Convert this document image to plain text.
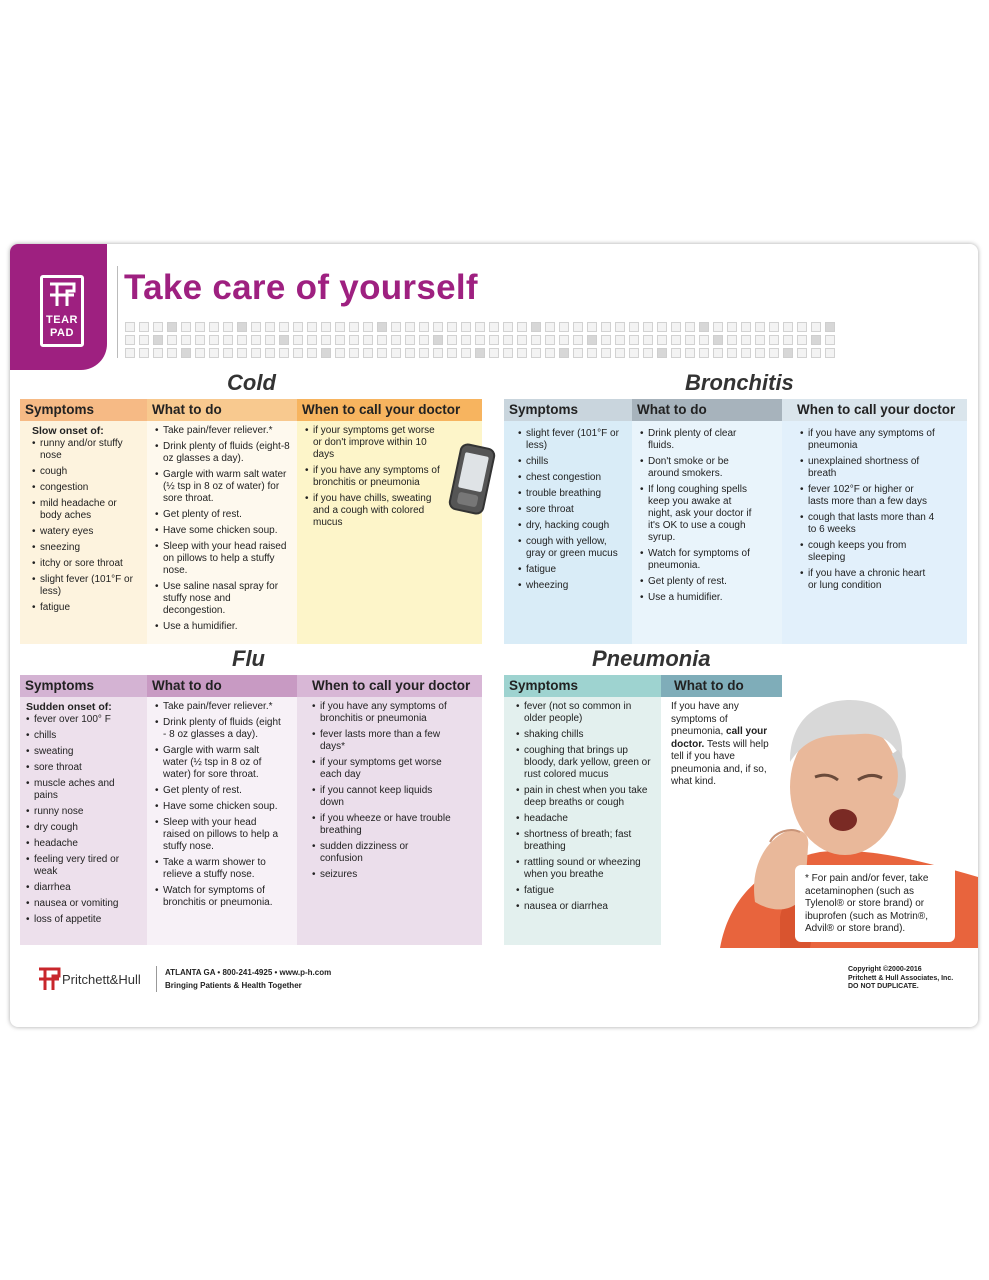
TEAR
PAD
Take care of yourself
Cold
Symptoms
Slow onset of:
• runny and/or stuffy nose
• cough
• congestion
• mild headache or body aches
• watery eyes
• sneezing
• itchy or sore throat
• slight fever (101°F or less)
• fatigue
What to do
• Take pain/fever reliever.*
• Drink plenty of fluids (eight-8 oz glasses a day).
• Gargle with warm salt water (½ tsp in 8 oz of water) for sore throat.
• Get plenty of rest.
• Have some chicken soup.
• Sleep with your head raised on pillows to help a stuffy nose.
• Use saline nasal spray for stuffy nose and decongestion.
• Use a humidifier.
When to call your doctor
• if your symptoms get worse or don't improve within 10 days
• if you have any symptoms of bronchitis or pneumonia
• if you have chills, sweating and a cough with colored mucus
Bronchitis
Symptoms
• slight fever (101°F or less)
• chills
• chest congestion
• trouble breathing
• sore throat
• dry, hacking cough
• cough with yellow, gray or green mucus
• fatigue
• wheezing
What to do
• Drink plenty of clear fluids.
• Don't smoke or be around smokers.
• If long coughing spells keep you awake at night, ask your doctor if it's OK to use a cough syrup.
• Watch for symptoms of pneumonia.
• Get plenty of rest.
• Use a humidifier.
When to call your doctor
• if you have any symptoms of pneumonia
• unexplained shortness of breath
• fever 102°F or higher or lasts more than a few days
• cough that lasts more than 4 to 6 weeks
• cough keeps you from sleeping
• if you have a chronic heart or lung condition
Flu
Symptoms
Sudden onset of:
• fever over 100° F
• chills
• sweating
• sore throat
• muscle aches and pains
• runny nose
• dry cough
• headache
• feeling very tired or weak
• diarrhea
• nausea or vomiting
• loss of appetite
What to do
• Take pain/fever reliever.*
• Drink plenty of fluids (eight - 8 oz glasses a day).
• Gargle with warm salt water (½ tsp in 8 oz of water) for sore throat.
• Get plenty of rest.
• Have some chicken soup.
• Sleep with your head raised on pillows to help a stuffy nose.
• Take a warm shower to relieve a stuffy nose.
• Watch for symptoms of bronchitis or pneumonia.
When to call your doctor
• if you have any symptoms of bronchitis or pneumonia
• fever lasts more than a few days*
• if your symptoms get worse each day
• if you cannot keep liquids down
• if you wheeze or have trouble breathing
• sudden dizziness or confusion
• seizures
Pneumonia
Symptoms
• fever (not so common in older people)
• shaking chills
• coughing that brings up bloody, dark yellow, green or rust colored mucus
• pain in chest when you take deep breaths or cough
• headache
• shortness of breath; fast breathing
• rattling sound or wheezing when you breathe
• fatigue
• nausea or diarrhea
What to do
If you have any symptoms of pneumonia, call your doctor. Tests will help tell if you have pneumonia and, if so, what kind.
* For pain and/or fever, take acetaminophen (such as Tylenol® or store brand) or ibuprofen (such as Motrin®, Advil® or store brand).
Pritchett&Hull	ATLANTA GA • 800-241-4925 • www.p-h.com
Bringing Patients & Health Together
Copyright ©2000-2016
Pritchett & Hull Associates, Inc.
DO NOT DUPLICATE.
